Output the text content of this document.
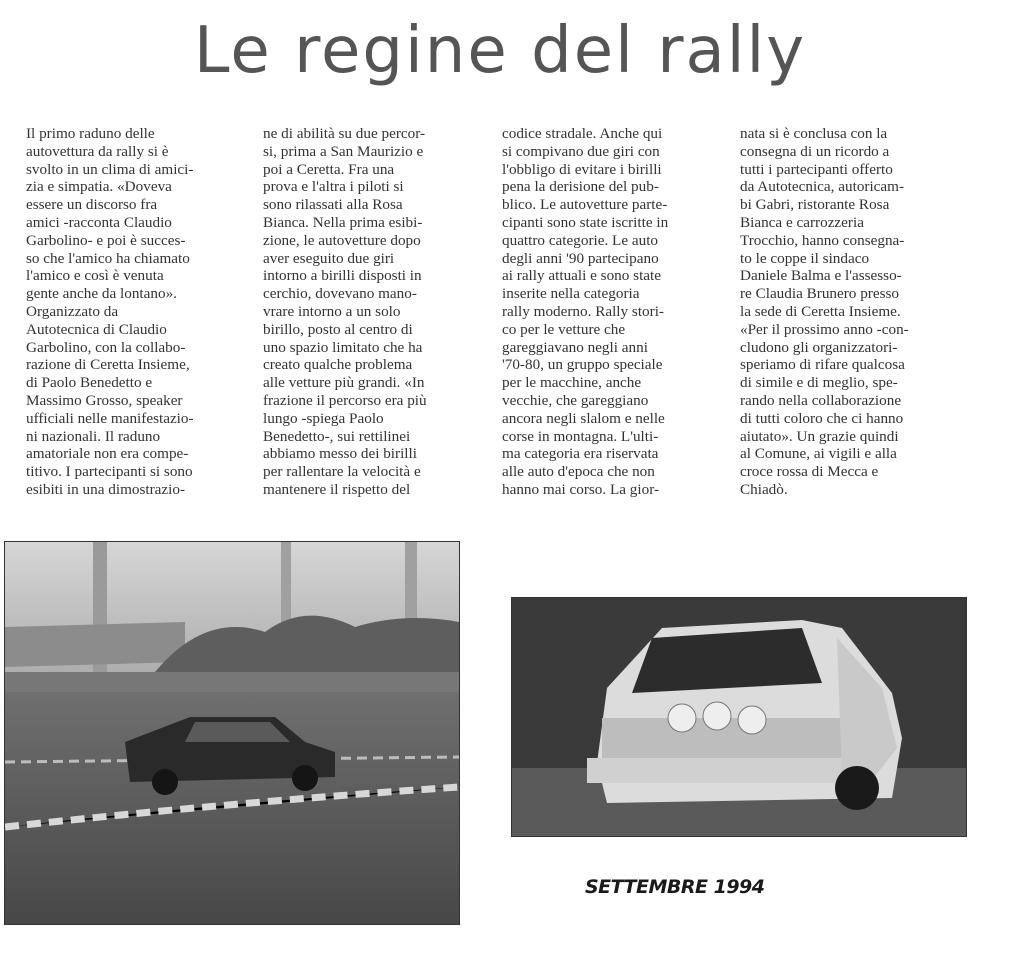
Le regine del rally
Il primo raduno delle
autovettura da rally si è
svolto in un clima di amici-
zia e simpatia. «Doveva
essere un discorso fra
amici -racconta Claudio
Garbolino- e poi è succes-
so che l'amico ha chiamato
l'amico e così è venuta
gente anche da lontano».
Organizzato da
Autotecnica di Claudio
Garbolino, con la collabo-
razione di Ceretta Insieme,
di Paolo Benedetto e
Massimo Grosso, speaker
ufficiali nelle manifestazio-
ni nazionali. Il raduno
amatoriale non era compe-
titivo. I partecipanti si sono
esibiti in una dimostrazio-
ne di abilità su due percor-
si, prima a San Maurizio e
poi a Ceretta. Fra una
prova e l'altra i piloti si
sono rilassati alla Rosa
Bianca. Nella prima esibi-
zione, le autovetture dopo
aver eseguito due giri
intorno a birilli disposti in
cerchio, dovevano mano-
vrare intorno a un solo
birillo, posto al centro di
uno spazio limitato che ha
creato qualche problema
alle vetture più grandi. «In
frazione il percorso era più
lungo -spiega Paolo
Benedetto-, sui rettilinei
abbiamo messo dei birilli
per rallentare la velocità e
mantenere il rispetto del
codice stradale. Anche qui
si compivano due giri con
l'obbligo di evitare i birilli
pena la derisione del pub-
blico. Le autovetture parte-
cipanti sono state iscritte in
quattro categorie. Le auto
degli anni '90 partecipano
ai rally attuali e sono state
inserite nella categoria
rally moderno. Rally stori-
co per le vetture che
gareggiavano negli anni
'70-80, un gruppo speciale
per le macchine, anche
vecchie, che gareggiano
ancora negli slalom e nelle
corse in montagna. L'ulti-
ma categoria era riservata
alle auto d'epoca che non
hanno mai corso. La gior-
nata si è conclusa con la
consegna di un ricordo a
tutti i partecipanti offerto
da Autotecnica, autoricam-
bi Gabri, ristorante Rosa
Bianca e carrozzeria
Trocchio, hanno consegna-
to le coppe il sindaco
Daniele Balma e l'assesso-
re Claudia Brunero presso
la sede di Ceretta Insieme.
«Per il prossimo anno -con-
cludono gli organizzatori-
speriamo di rifare qualcosa
di simile e di meglio, spe-
rando nella collaborazione
di tutti coloro che ci hanno
aiutato». Un grazie quindi
al Comune, ai vigili e alla
croce rossa di Mecca e
Chiadò.
SETTEMBRE 1994
